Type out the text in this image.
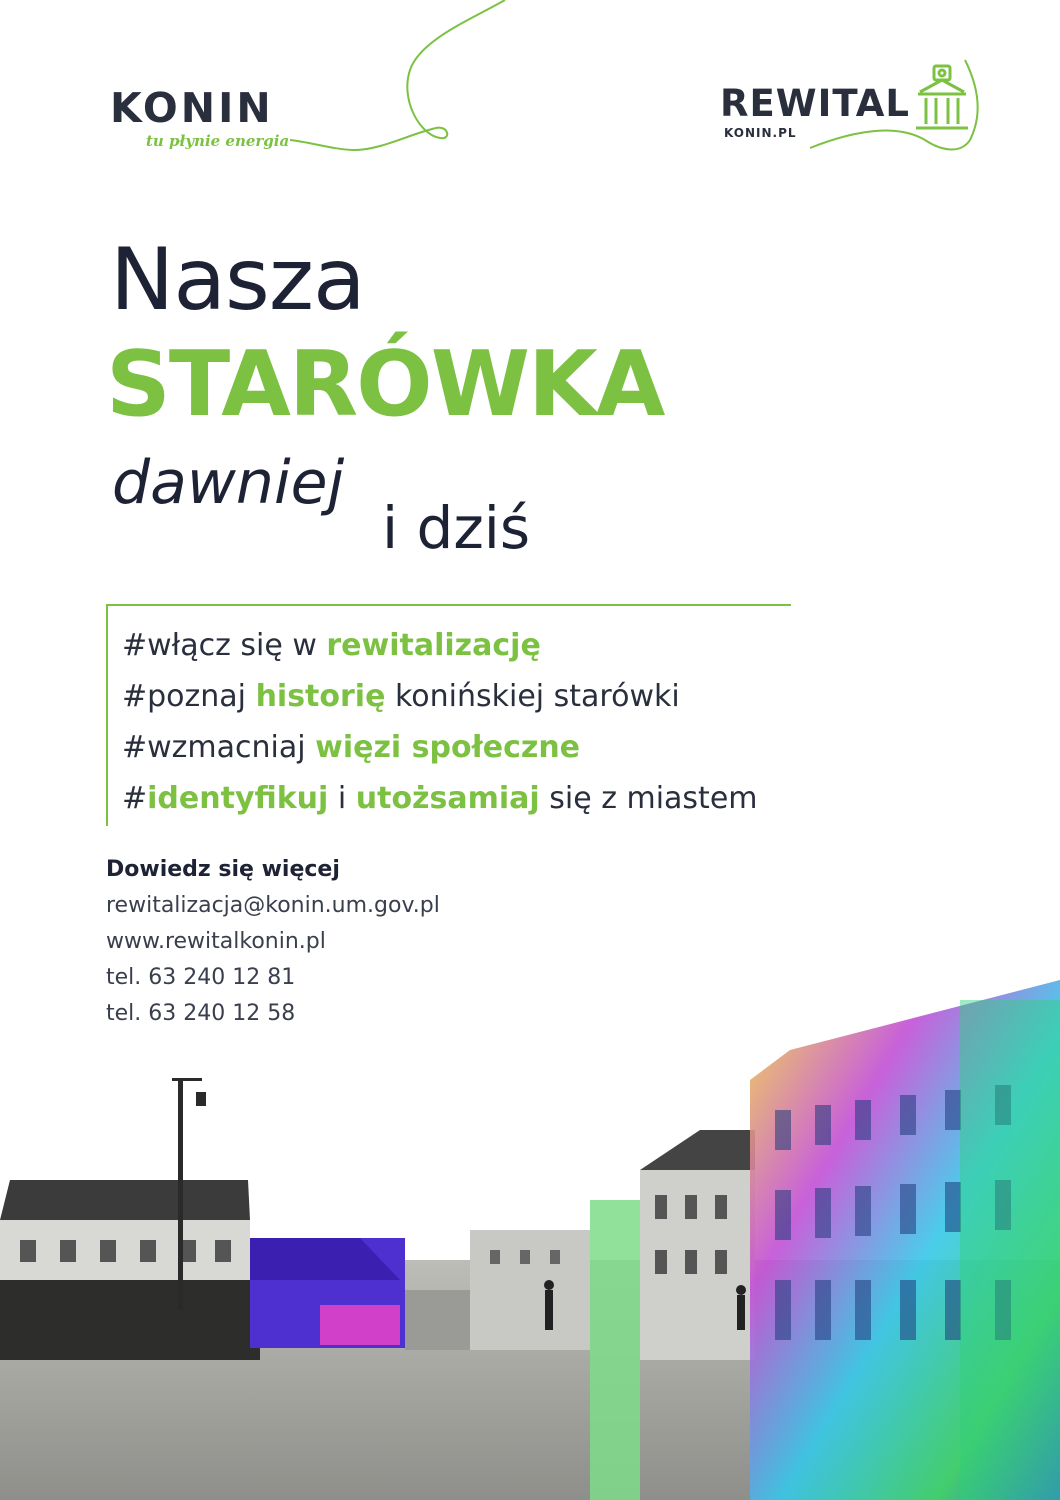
KONIN
tu płynie energia
REWITAL
KONIN.PL
Nasza
STARÓWKA
dawniej
i dziś
#włącz się w rewitalizację
#poznaj historię konińskiej starówki
#wzmacniaj więzi społeczne
#identyfikuj i utożsamiaj się z miastem
Dowiedz się więcej
rewitalizacja@konin.um.gov.pl
www.rewitalkonin.pl
tel. 63 240 12 81
tel. 63 240 12 58
